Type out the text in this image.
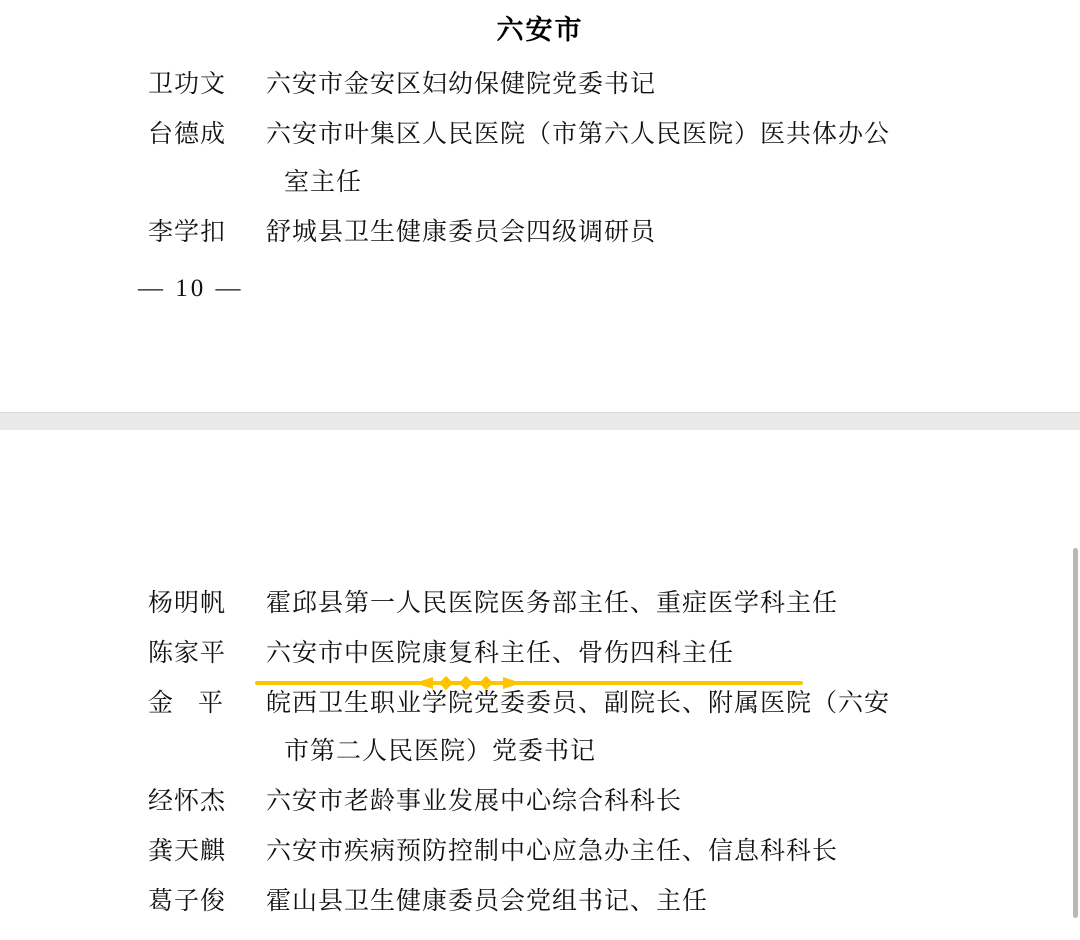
六安市
卫功文	六安市金安区妇幼保健院党委书记
台德成	六安市叶集区人民医院（市第六人民医院）医共体办公
室主任
李学扣	舒城县卫生健康委员会四级调研员
— 10 —
杨明帆	霍邱县第一人民医院医务部主任、重症医学科主任
陈家平	六安市中医院康复科主任、骨伤四科主任
金　平	皖西卫生职业学院党委委员、副院长、附属医院（六安
市第二人民医院）党委书记
经怀杰	六安市老龄事业发展中心综合科科长
龚天麒	六安市疾病预防控制中心应急办主任、信息科科长
葛子俊	霍山县卫生健康委员会党组书记、主任
